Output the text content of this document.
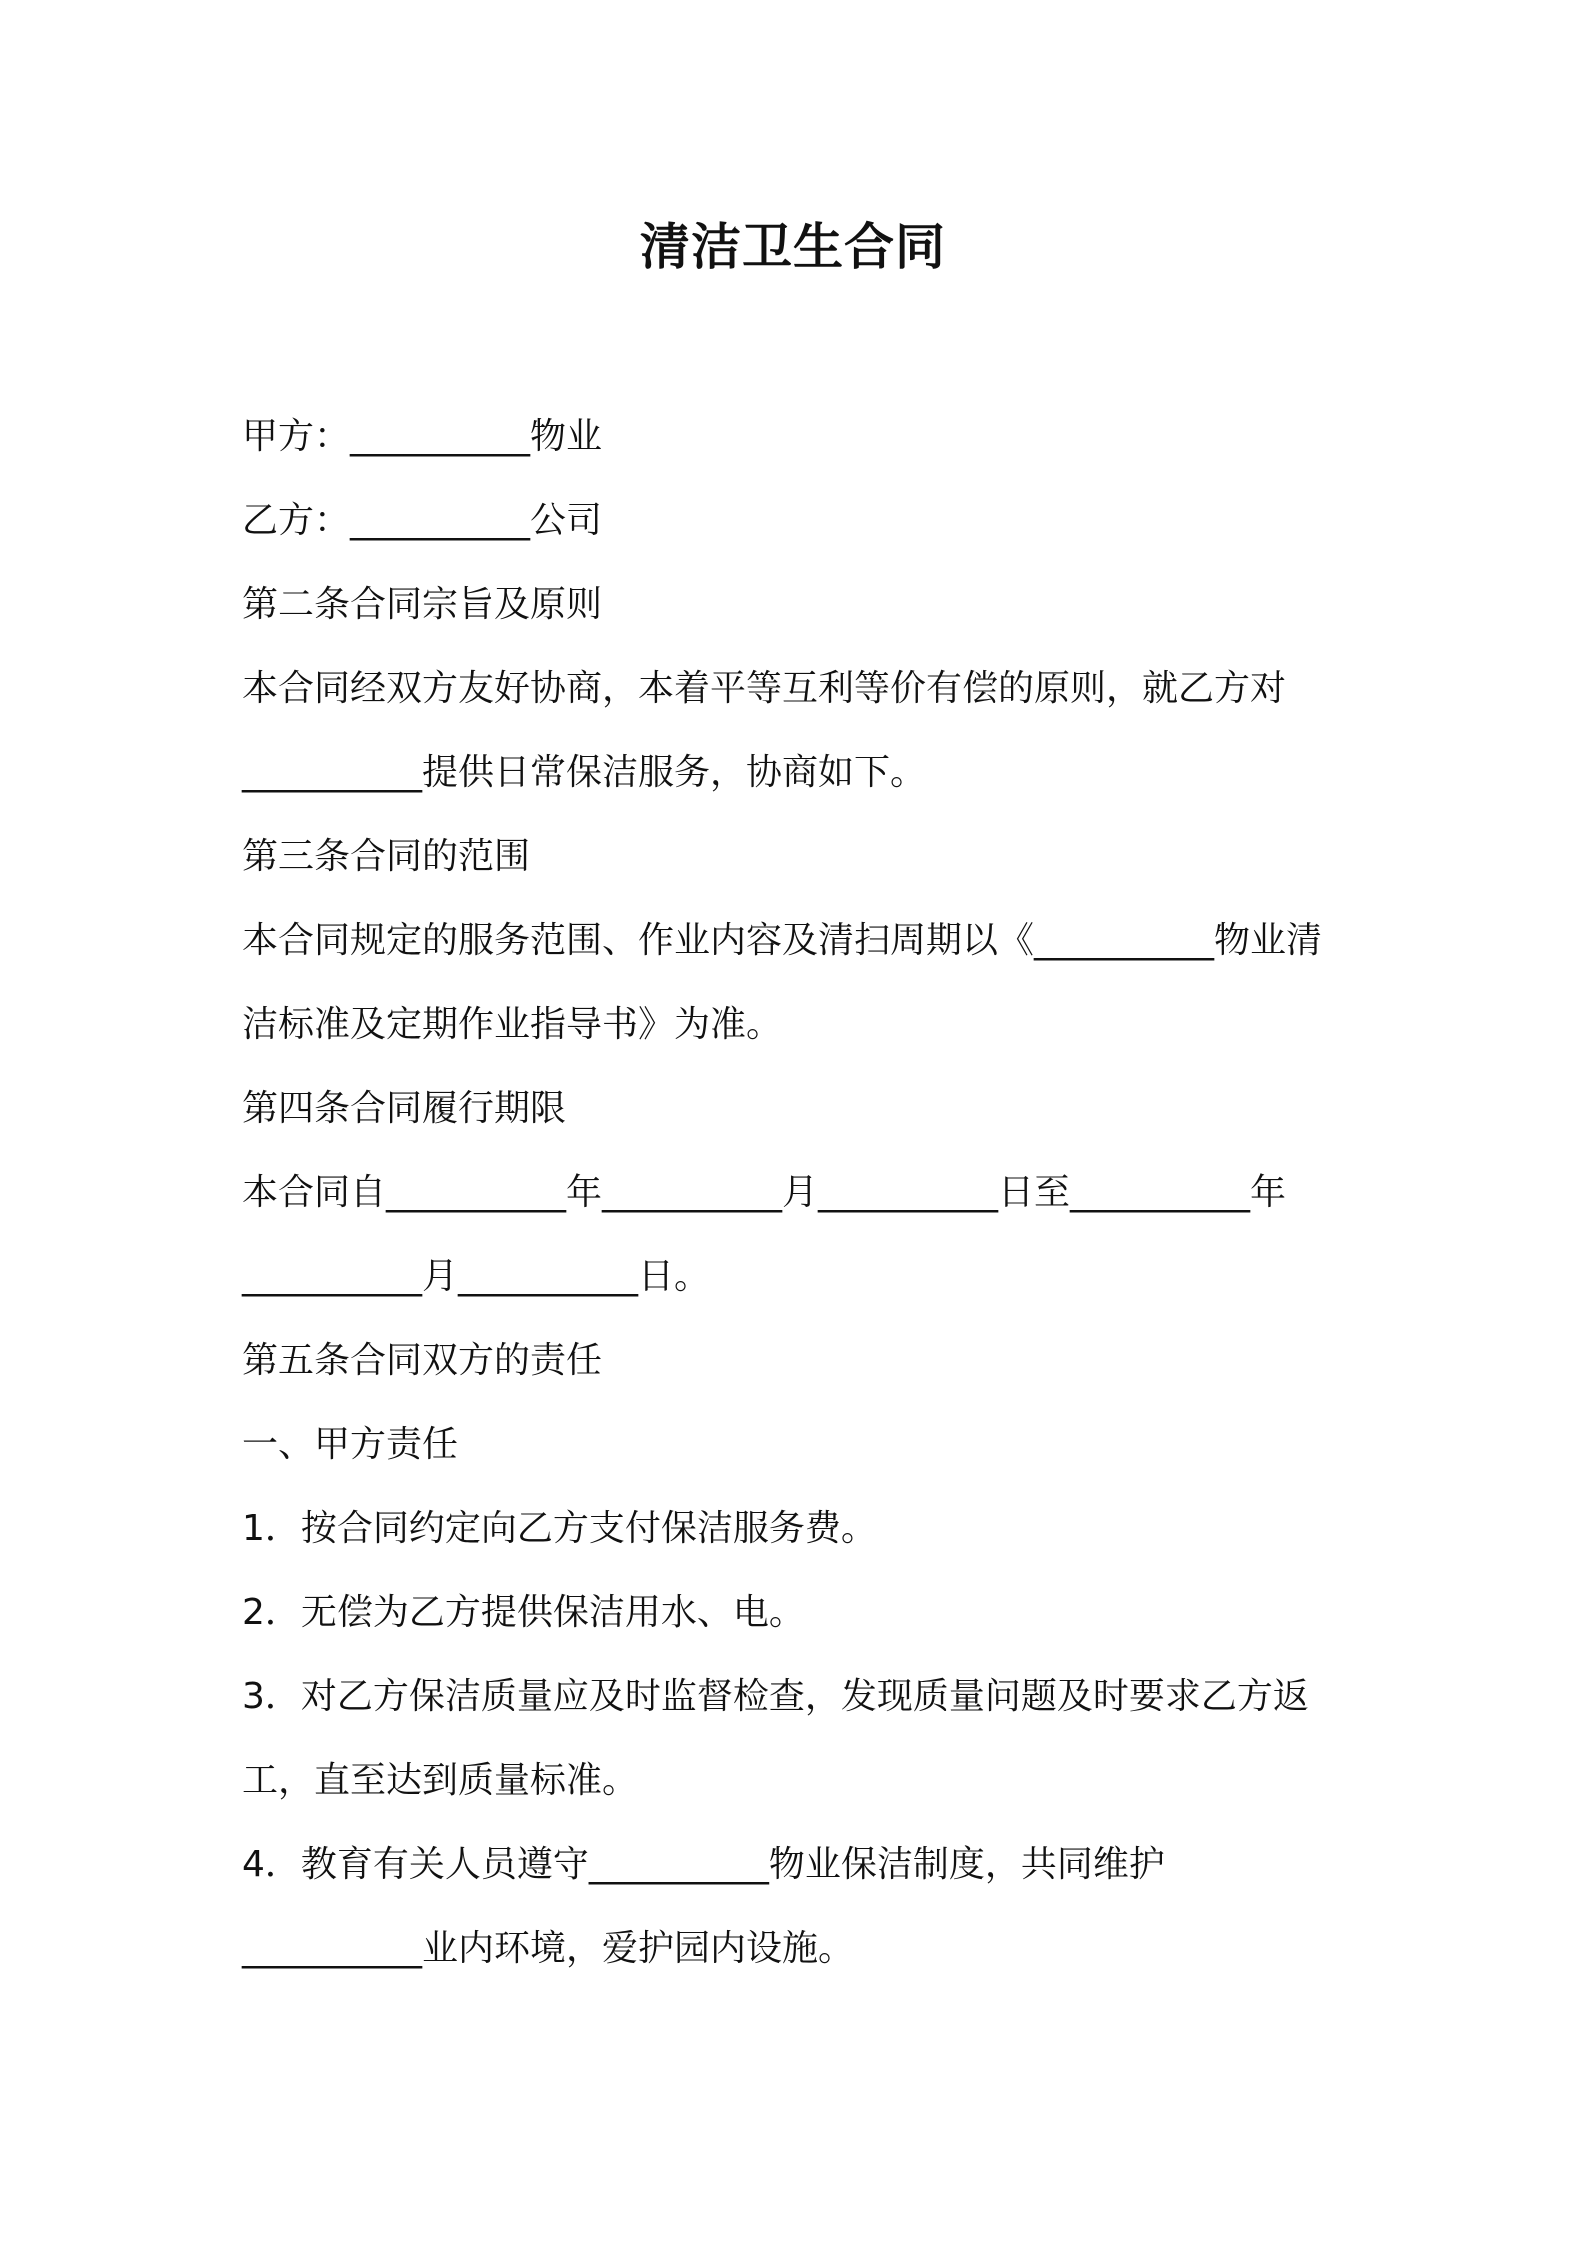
清洁卫生合同
甲方：__________物业
乙方：__________公司
第二条合同宗旨及原则
本合同经双方友好协商，本着平等互利等价有偿的原则，就乙方对
__________提供日常保洁服务，协商如下。
第三条合同的范围
本合同规定的服务范围、作业内容及清扫周期以《__________物业清
洁标准及定期作业指导书》为准。
第四条合同履行期限
本合同自__________年__________月__________日至__________年
__________月__________日。
第五条合同双方的责任
一、甲方责任
1．按合同约定向乙方支付保洁服务费。
2．无偿为乙方提供保洁用水、电。
3．对乙方保洁质量应及时监督检查，发现质量问题及时要求乙方返
工，直至达到质量标准。
4．教育有关人员遵守__________物业保洁制度，共同维护
__________业内环境，爱护园内设施。
